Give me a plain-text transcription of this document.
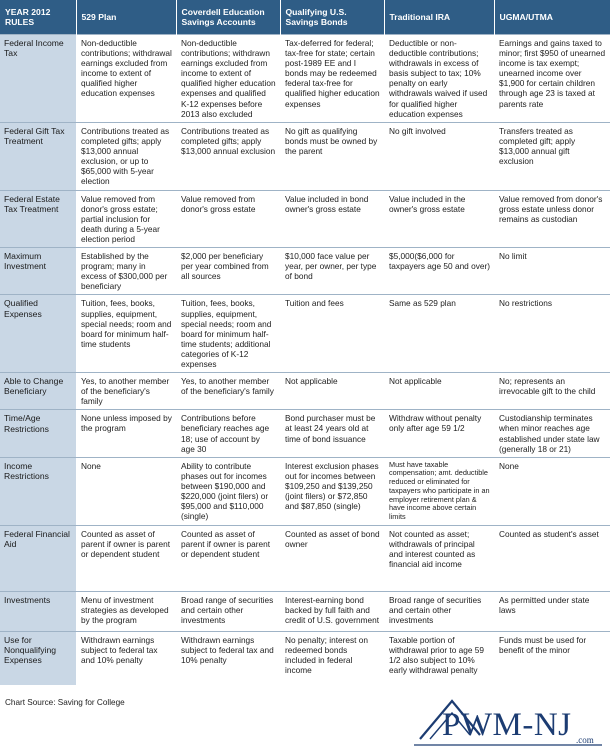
YEAR 2012 RULES	529 Plan	Coverdell Education Savings Accounts	Qualifying U.S. Savings Bonds	Traditional IRA	UGMA/UTMA
Federal Income Tax	Non-deductible contributions; withdrawal earnings excluded from income to extent of qualified higher education expenses	Non-deductible contributions; withdrawn earnings excluded from income to extent of qualified higher education expenses and qualified K-12 expenses before 2013 also excluded	Tax-deferred for federal; tax-free for state; certain post-1989 EE and I bonds may be redeemed federal tax-free for qualified higher education expenses	Deductible or non-deductible contributions; withdrawals in excess of basis subject to tax; 10% penalty on early withdrawals waived if used for qualified higher education expenses	Earnings and gains taxed to minor; first $950 of unearned income is tax exempt; unearned income over $1,900 for certain children through age 23 is taxed at parents rate
Federal Gift Tax Treatment	Contributions treated as completed gifts; apply $13,000 annual exclusion, or up to $65,000 with 5-year election	Contributions treated as completed gifts; apply $13,000 annual exclusion	No gift as qualifying bonds must be owned by the parent	No gift involved	Transfers treated as completed gift; apply $13,000 annual gift exclusion
Federal Estate Tax Treatment	Value removed from donor's gross estate; partial inclusion for death during a 5-year election period	Value removed from donor's gross estate	Value included in bond owner's gross estate	Value included in the owner's gross estate	Value removed from donor's gross estate unless donor remains as custodian
Maximum Investment	Established by the program; many in excess of $300,000 per beneficiary	$2,000 per beneficiary per year combined from all sources	$10,000 face value per year, per owner, per type of bond	$5,000($6,000 for taxpayers age 50 and over)	No limit
Qualified Expenses	Tuition, fees, books, supplies, equipment, special needs; room and board for minimum half-time students	Tuition, fees, books, supplies, equipment, special needs; room and board for minimum half-time students; additional categories of K-12 expenses	Tuition and fees	Same as 529 plan	No restrictions
Able to Change Beneficiary	Yes, to another member of the beneficiary's family	Yes, to another member of the beneficiary's family	Not applicable	Not applicable	No; represents an irrevocable gift to the child
Time/Age Restrictions	None unless imposed by the program	Contributions before beneficiary reaches age 18; use of account by age 30	Bond purchaser must be at least 24 years old at time of bond issuance	Withdraw without penalty only after age 59 1/2	Custodianship terminates when minor reaches age established under state law (generally 18 or 21)
Income Restrictions	None	Ability to contribute phases out for incomes between $190,000 and $220,000 (joint filers) or $95,000 and $110,000 (single)	Interest exclusion phases out for incomes between $109,250 and $139,250 (joint filers) or $72,850 and $87,850 (single)	Must have taxable compensation; amt. deductible reduced or eliminated for taxpayers who participate in an employer retirement plan & have income above certain limits	None
Federal Financial Aid	Counted as asset of parent if owner is parent or dependent student	Counted as asset of parent if owner is parent or dependent student	Counted as asset of bond owner	Not counted as asset; withdrawals of principal and interest counted as financial aid income	Counted as student's asset
Investments	Menu of investment strategies as developed by the program	Broad range of securities and certain other investments	Interest-earning bond backed by full faith and credit of U.S. government	Broad range of securities and certain other investments	As permitted under state laws
Use for Nonqualifying Expenses	Withdrawn earnings subject to federal tax and 10% penalty	Withdrawn earnings subject to federal tax and 10% penalty	No penalty; interest on redeemed bonds included in federal income	Taxable portion of withdrawal prior to age 59 1/2 also subject to 10% early withdrawal penalty	Funds must be used for benefit of the minor
Chart Source: Saving for College
PWM-NJ .com
